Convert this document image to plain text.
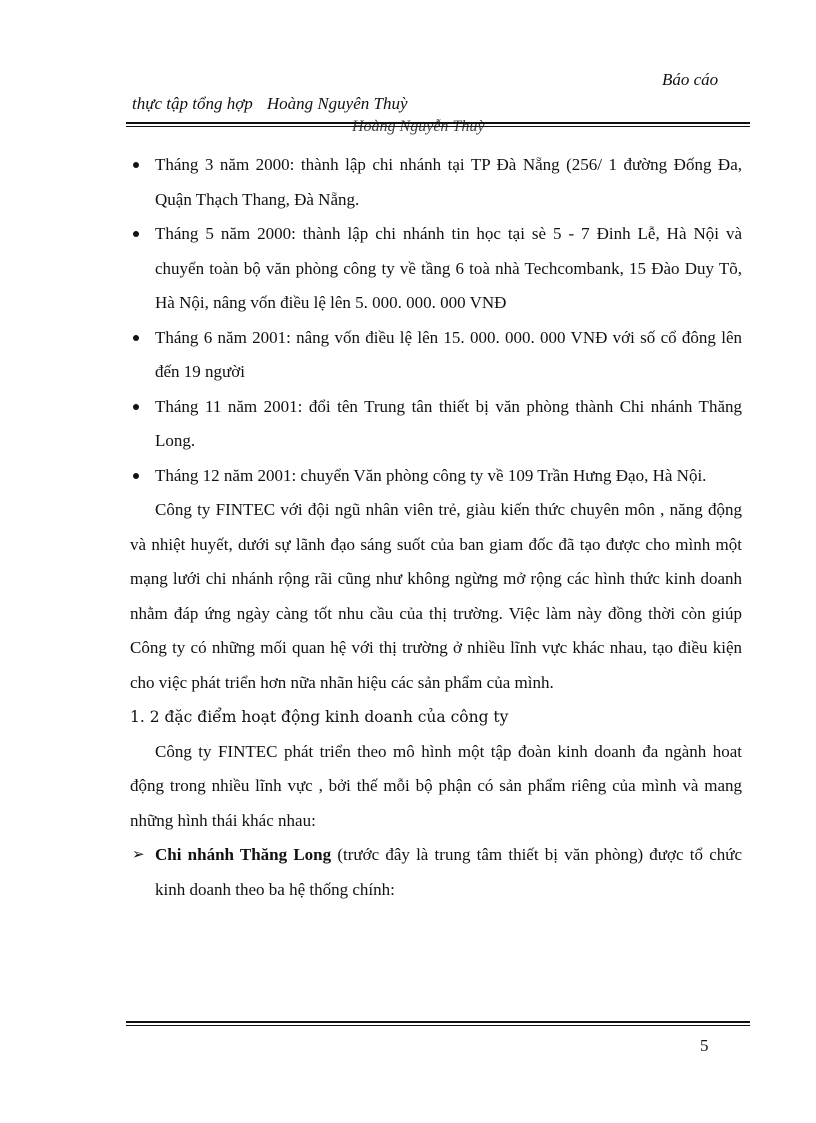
Báo cáo
thực tập tổng hợp Hoàng Nguyên Thuỳ
Hoàng Nguyễn Thuỳ
Tháng 3 năm 2000: thành lập chi nhánh tại TP Đà Nẵng (256/ 1 đường Đống Đa, Quận Thạch Thang, Đà Nẵng.
Tháng 5 năm 2000: thành lập chi nhánh tin học tại sè 5 - 7 Đinh Lễ, Hà Nội và chuyển toàn bộ văn phòng công ty về tầng 6 toà nhà Techcombank, 15 Đào Duy Tõ, Hà Nội, nâng vốn điều lệ lên 5. 000. 000. 000 VNĐ
Tháng 6 năm 2001: nâng vốn điều lệ lên 15. 000. 000. 000 VNĐ với số cổ đông lên đến 19 người
Tháng 11 năm 2001: đổi tên Trung tân thiết bị văn phòng thành Chi nhánh Thăng Long.
Tháng 12 năm 2001: chuyển Văn phòng công ty về 109 Trần Hưng Đạo, Hà Nội.

Công ty FINTEC với đội ngũ nhân viên trẻ, giàu kiến thức chuyên môn , năng động và nhiệt huyết, dưới sự lãnh đạo sáng suốt của ban giam đốc đã tạo được cho mình một mạng lưới chi nhánh rộng rãi cũng như không ngừng mở rộng các hình thức kinh doanh nhằm đáp ứng ngày càng tốt nhu cầu của thị trường. Việc làm này đồng thời còn giúp Công ty có những mối quan hệ với thị trường ở nhiều lĩnh vực khác nhau, tạo điều kiện cho việc phát triển hơn nữa nhãn hiệu các sản phẩm của mình.

1. 2 đặc điểm hoạt động kinh doanh của công ty

Công ty FINTEC phát triển theo mô hình một tập đoàn kinh doanh đa ngành hoat động trong nhiều lĩnh vực , bởi thế mỗi bộ phận có sản phẩm riêng của mình và mang những hình thái khác nhau:

➢ Chi nhánh Thăng Long (trước đây là trung tâm thiết bị văn phòng) được tổ chức kinh doanh theo ba hệ thống chính:
5
